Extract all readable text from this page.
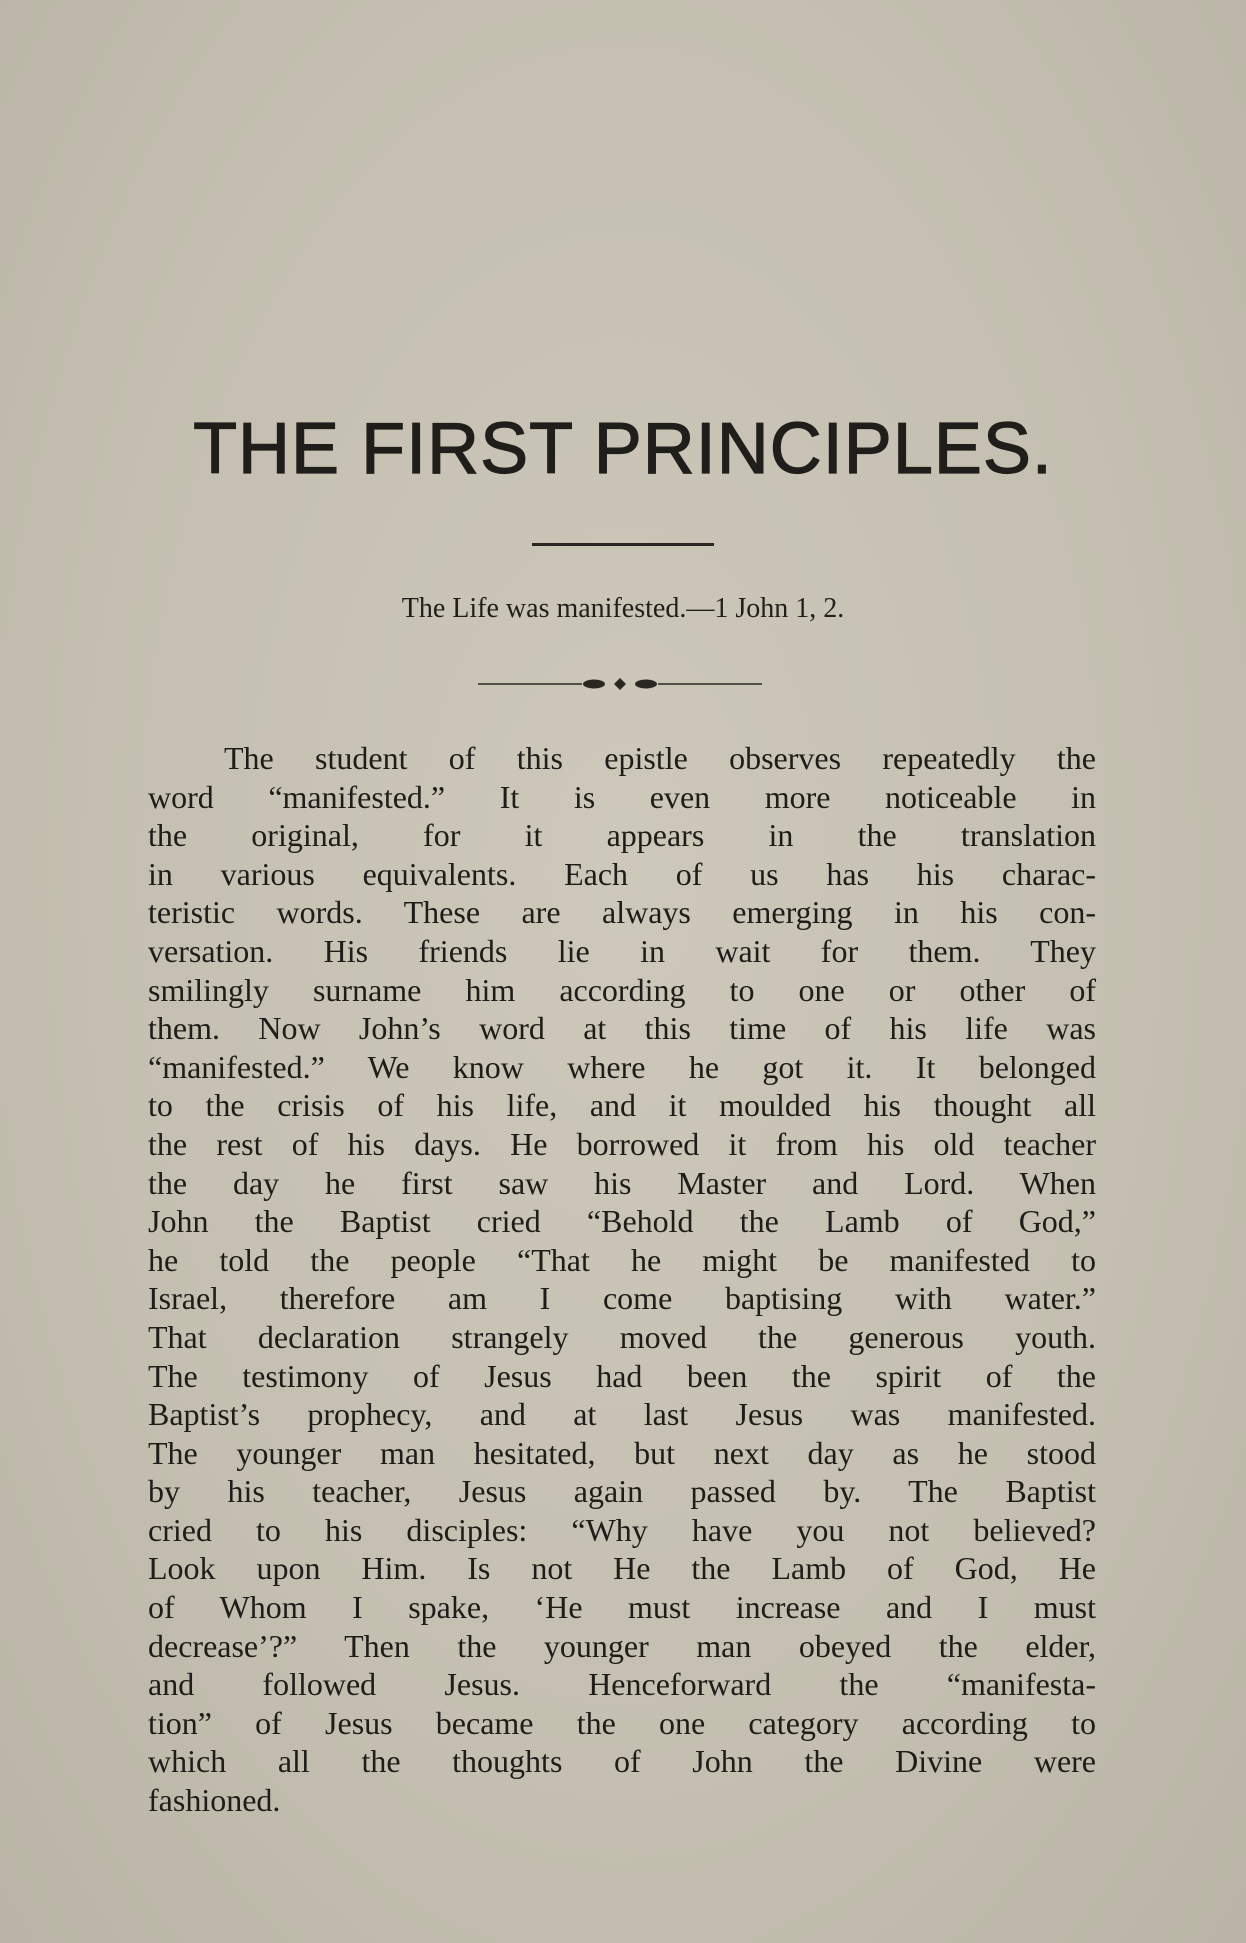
THE FIRST PRINCIPLES.
The Life was manifested.—1 John 1, 2.
The student of this epistle observes repeatedly the
word “manifested.” It is even more noticeable in
the original, for it appears in the translation
in various equivalents. Each of us has his charac-
teristic words. These are always emerging in his con-
versation. His friends lie in wait for them. They
smilingly surname him according to one or other of
them. Now John’s word at this time of his life was
“manifested.” We know where he got it. It belonged
to the crisis of his life, and it moulded his thought all
the rest of his days. He borrowed it from his old teacher
the day he first saw his Master and Lord. When
John the Baptist cried “Behold the Lamb of God,”
he told the people “That he might be manifested to
Israel, therefore am I come baptising with water.”
That declaration strangely moved the generous youth.
The testimony of Jesus had been the spirit of the
Baptist’s prophecy, and at last Jesus was manifested.
The younger man hesitated, but next day as he stood
by his teacher, Jesus again passed by. The Baptist
cried to his disciples: “Why have you not believed?
Look upon Him. Is not He the Lamb of God, He
of Whom I spake, ‘He must increase and I must
decrease’?” Then the younger man obeyed the elder,
and followed Jesus. Henceforward the “manifesta-
tion” of Jesus became the one category according to
which all the thoughts of John the Divine were
fashioned.
